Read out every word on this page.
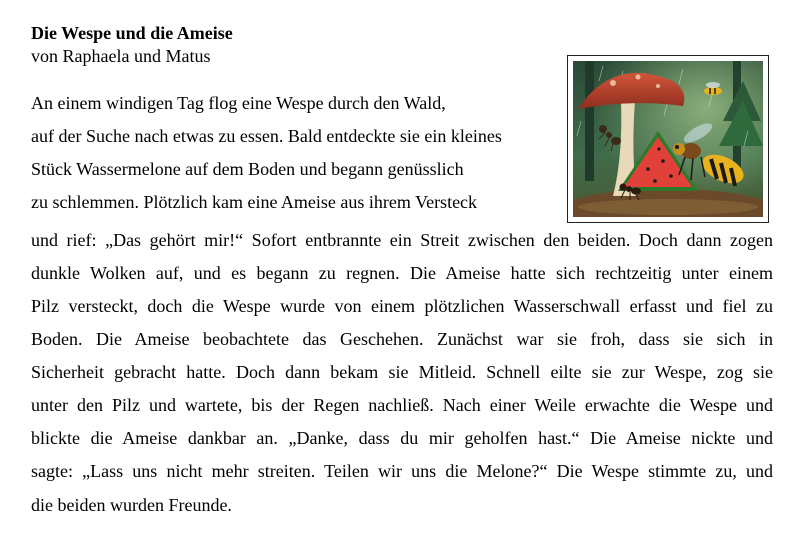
Die Wespe und die Ameise
von Raphaela und Matus
An einem windigen Tag flog eine Wespe durch den Wald,
auf der Suche nach etwas zu essen. Bald entdeckte sie ein kleines
Stück Wassermelone auf dem Boden und begann genüsslich
zu schlemmen. Plötzlich kam eine Ameise aus ihrem Versteck
und rief: „Das gehört mir!“ Sofort entbrannte ein Streit zwischen den beiden. Doch dann zogen
dunkle Wolken auf, und es begann zu regnen. Die Ameise hatte sich rechtzeitig unter einem
Pilz versteckt, doch die Wespe wurde von einem plötzlichen Wasserschwall erfasst und fiel zu
Boden. Die Ameise beobachtete das Geschehen. Zunächst war sie froh, dass sie sich in
Sicherheit gebracht hatte. Doch dann bekam sie Mitleid. Schnell eilte sie zur Wespe, zog sie
unter den Pilz und wartete, bis der Regen nachließ. Nach einer Weile erwachte die Wespe und
blickte die Ameise dankbar an. „Danke, dass du mir geholfen hast.“ Die Ameise nickte und
sagte: „Lass uns nicht mehr streiten. Teilen wir uns die Melone?“ Die Wespe stimmte zu, und
die beiden wurden Freunde.
